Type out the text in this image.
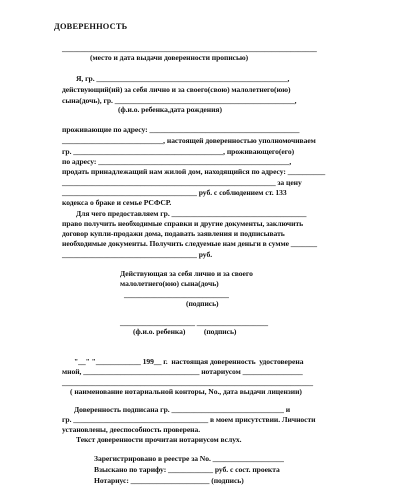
ДОВЕРЕННОСТЬ
____________________________________________________________________
(место и дата выдачи доверенности прописью)
Я, гр. ___________________________________________________,
действующий(ий) за себя лично и за своего(свою) малолетнего(юю)
сына(дочь), гр. ________________________________________________,
(ф.и.о. ребенка,дата рождения)
проживающие по адресу: ________________________________________
___________________________, настоящей доверенностью уполномочиваем
гр. ________________________________________, проживающего(его)
по адресу: ___________________________________________________,
продать принадлежащий нам жилой дом, находящийся по адресу: __________
_________________________________________________________ за цену
____________________________________ руб. с соблюдением ст. 133
кодекса о браке и семье РСФСР.
Для чего предоставляем гр. ____________________________________
право получить необходимые справки и другие документы, заключить
договор купли-продажи дома, подавать заявления и подписывать
необходимые документы. Получить следуемые нам деньги в сумме _______
____________________________________ руб.
Действующая за себя лично и за своего
малолетнего(юю) сына(дочь)
____________________________
(подпись)
____________________ ___________________
(ф.и.о. ребенка)          (подпись)
"__" "____________ 199__ г.  настоящая доверенность  удостоверена
мной, _______________________________ нотариусом ________________
___________________________________________________________________
( наименование нотариальной конторы, No., дата выдачи лицензии)
Доверенность подписана гр. ______________________________ и
гр. ____________________________________ в моем присутствии. Личности
установлены, дееспособность проверена.
Текст доверенности прочитан нотариусом вслух.
Зарегистрировано в реестре за No. ___________________
Взыскано по тарифу: ____________ руб. с сост. проекта
Нотариус: _____________________ (подпись)
